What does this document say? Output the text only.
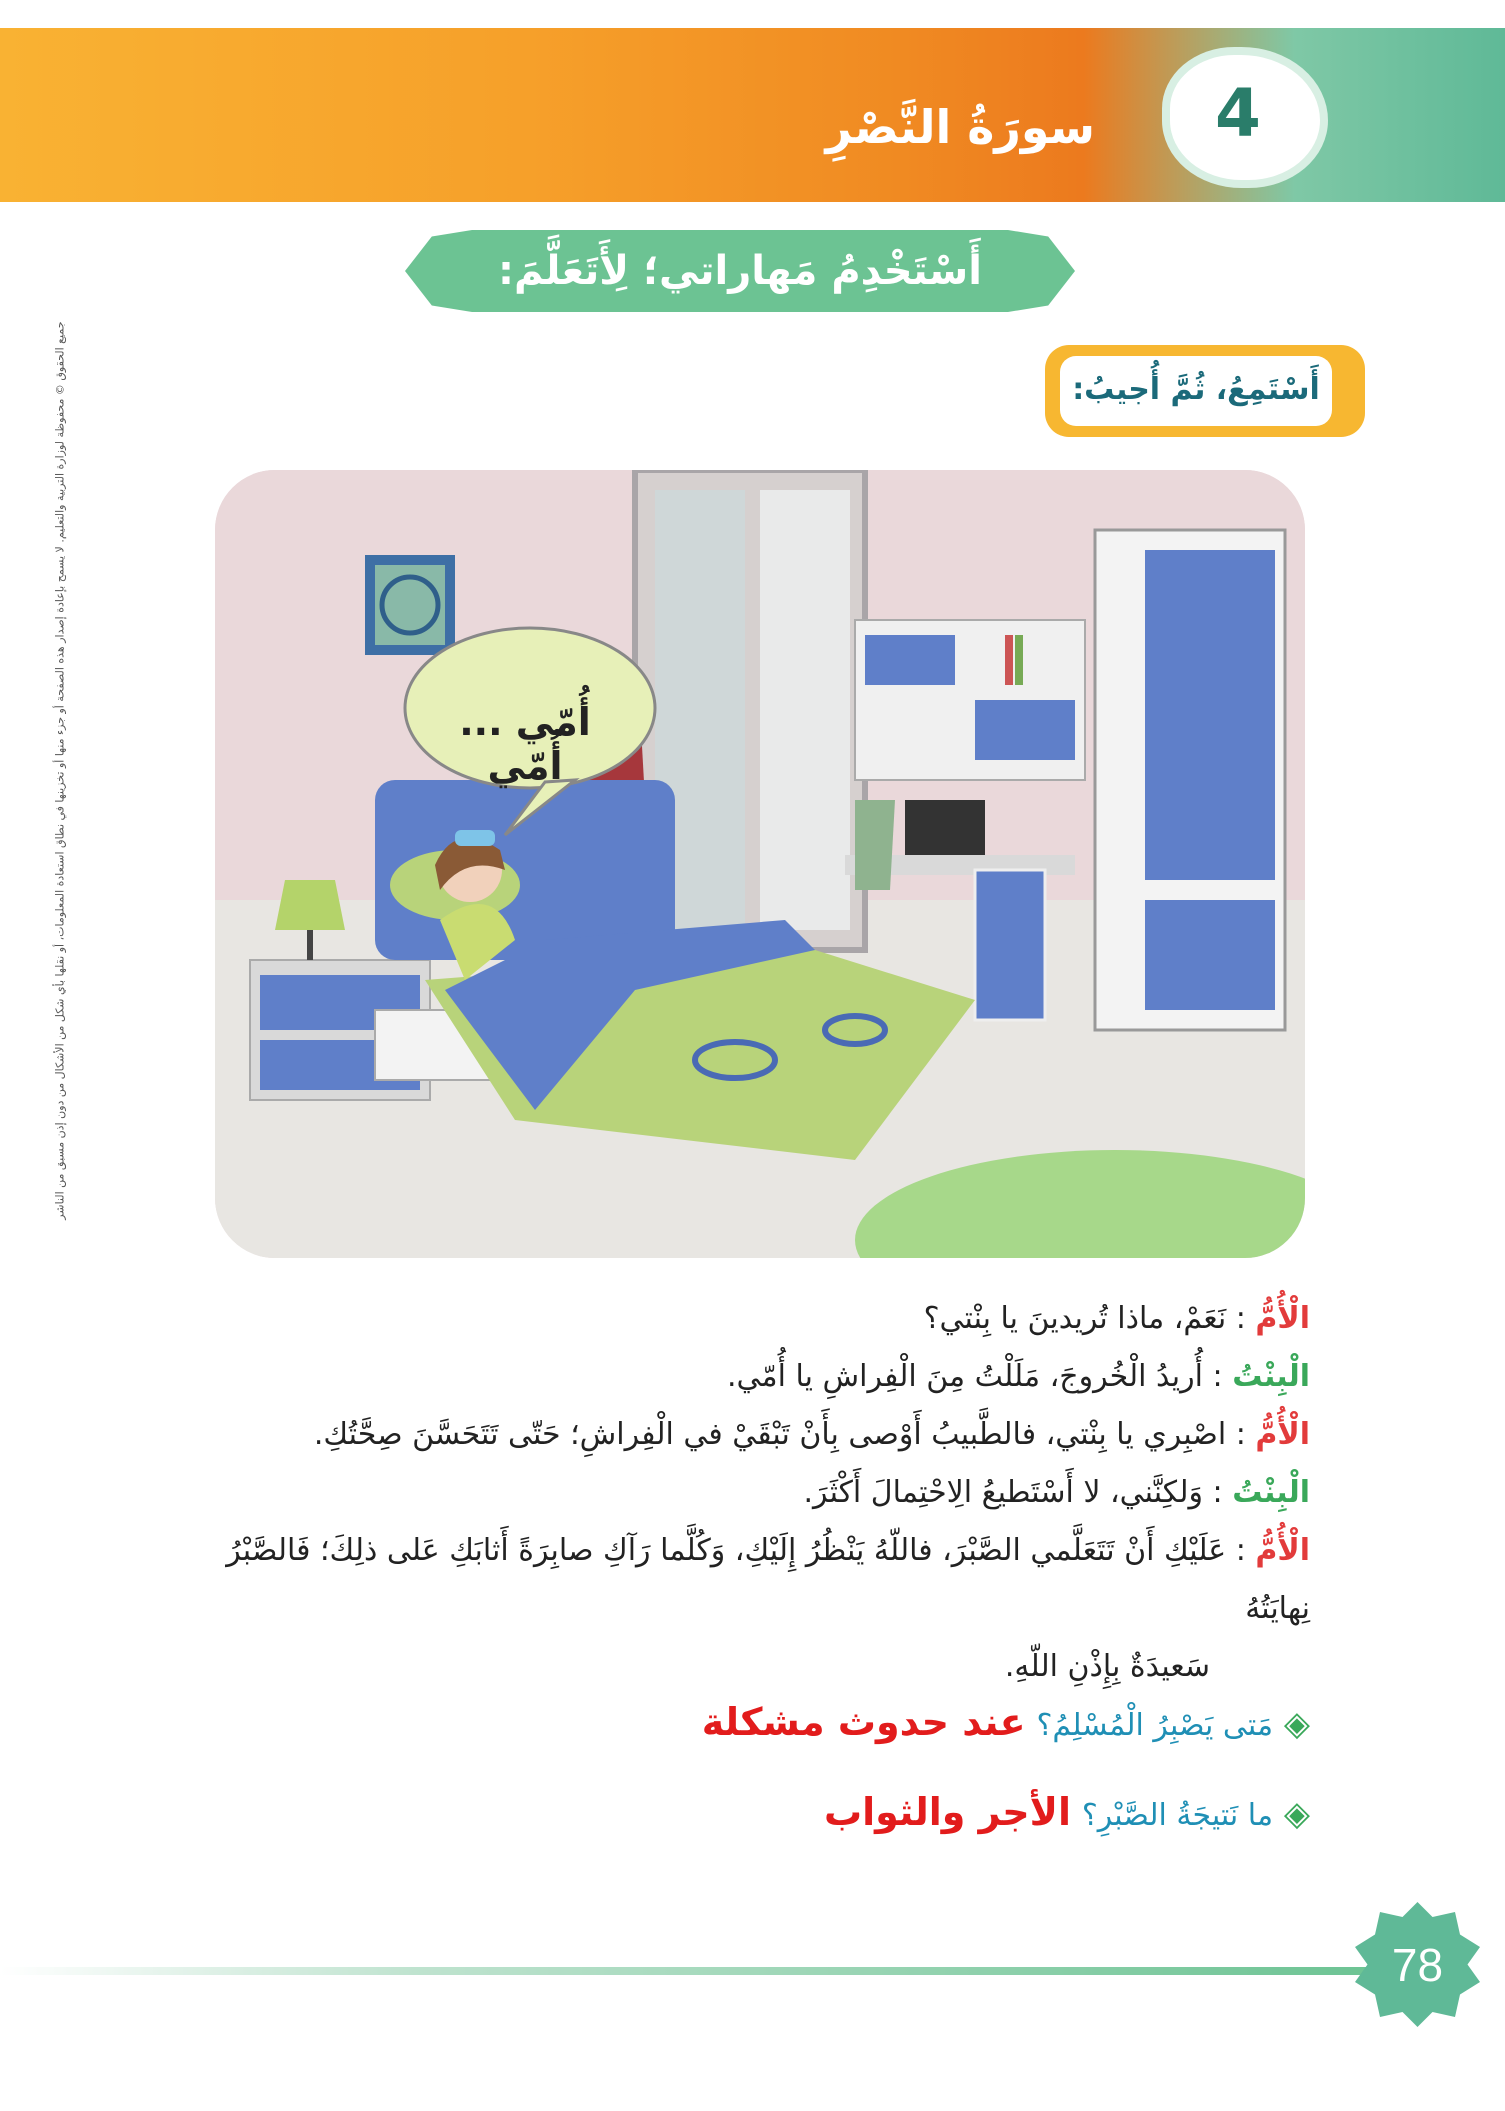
4
سورَةُ النَّصْرِ
أَسْتَخْدِمُ مَهاراتي؛ لِأَتَعَلَّمَ:
أَسْتَمِعُ، ثُمَّ أُجيبُ:
جميع الحقوق © محفوظة لوزارة التربية والتعليم. لا يسمح بإعادة إصدار هذه الصفحة أو جزء منها أو تخزينها في نطاق استعادة المعلومات، أو نقلها بأي شكل من الأشكال من دون إذن مسبق من الناشر	أُمّي ... أُمّي
الْأُمُّ : نَعَمْ، ماذا تُريدينَ يا بِنْتي؟
الْبِنْتُ : أُريدُ الْخُروجَ، مَلَلْتُ مِنَ الْفِراشِ يا أُمّي.
الْأُمُّ : اصْبِري يا بِنْتي، فالطَّبيبُ أَوْصى بِأَنْ تَبْقَيْ في الْفِراشِ؛ حَتّى تَتَحَسَّنَ صِحَّتُكِ.
الْبِنْتُ : وَلكِنَّني، لا أَسْتَطيعُ الِاحْتِمالَ أَكْثَرَ.
الْأُمُّ : عَلَيْكِ أَنْ تَتَعَلَّمي الصَّبْرَ، فاللّهُ يَنْظُرُ إِلَيْكِ، وَكُلَّما رَآكِ صابِرَةً أَثابَكِ عَلى ذلِكَ؛ فَالصَّبْرُ نِهايَتُهُ
سَعيدَةٌ بِإِذْنِ اللّهِ.
◈ مَتى يَصْبِرُ الْمُسْلِمُ؟ عند حدوث مشكلة
◈ ما نَتيجَةُ الصَّبْرِ؟ الأجر والثواب
78
